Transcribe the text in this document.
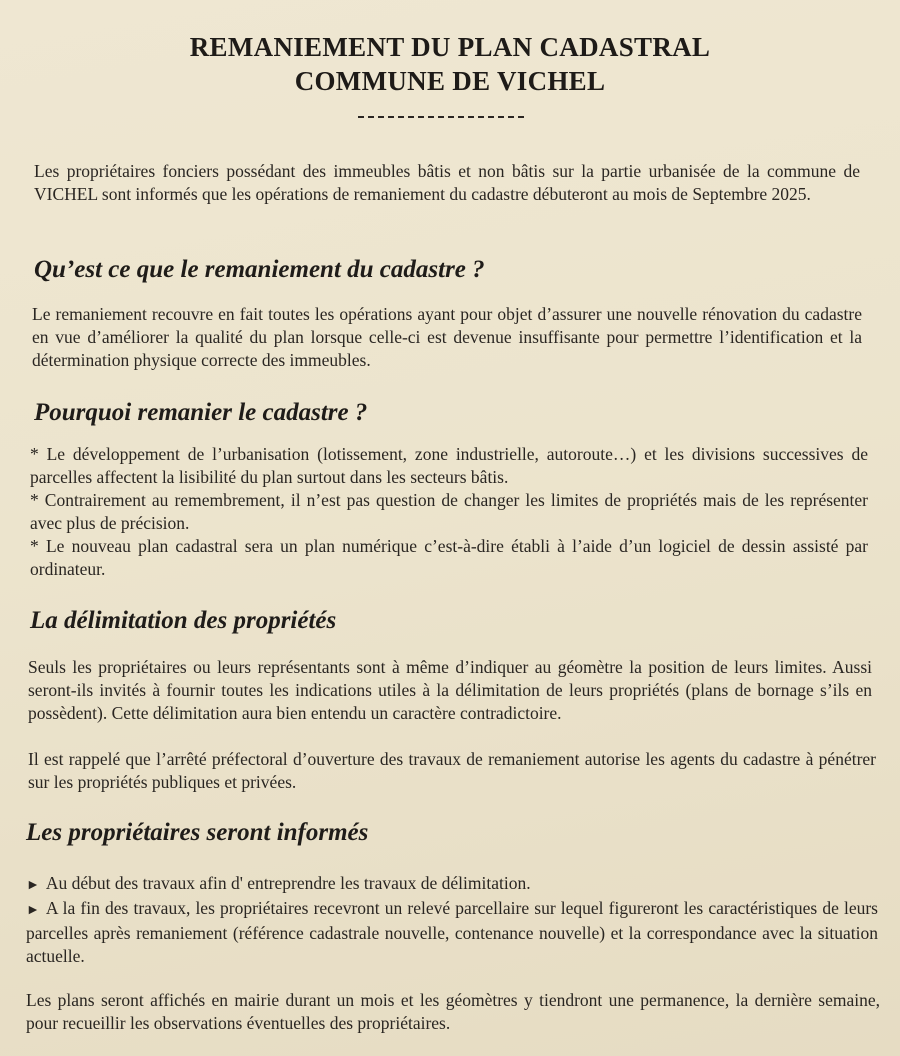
REMANIEMENT DU PLAN CADASTRAL

COMMUNE DE VICHEL

Les propriétaires fonciers possédant des immeubles bâtis et non bâtis sur la partie urbanisée de la commune de VICHEL sont informés que les opérations de remaniement du cadastre débuteront au mois de Septembre 2025.

Qu’est ce que le remaniement du cadastre ?

Le remaniement recouvre en fait toutes les opérations ayant pour objet d’assurer une nouvelle rénovation du cadastre en vue d’améliorer la qualité du plan lorsque celle-ci est devenue insuffisante pour permettre l’identification et la détermination physique correcte des immeubles.

Pourquoi remanier le cadastre ?
* Le développement de l’urbanisation (lotissement, zone industrielle, autoroute…) et les divisions successives de parcelles affectent la lisibilité du plan surtout dans les secteurs bâtis.
* Contrairement au remembrement, il n’est pas question de changer les limites de propriétés mais de les représenter avec plus de précision.
* Le nouveau plan cadastral sera un plan numérique c’est-à-dire établi à l’aide d’un logiciel de dessin assisté par ordinateur.
La délimitation des propriétés

Seuls les propriétaires ou leurs représentants sont à même d’indiquer au géomètre la position de leurs limites. Aussi seront-ils invités à fournir toutes les indications utiles à la délimitation de leurs propriétés (plans de bornage s’ils en possèdent). Cette délimitation aura bien entendu un caractère contradictoire.

Il est rappelé que l’arrêté préfectoral d’ouverture des travaux de remaniement autorise les agents du cadastre à pénétrer sur les propriétés publiques et privées.

Les propriétaires seront informés
► Au début des travaux afin d' entreprendre les travaux de délimitation.
► A la fin des travaux, les propriétaires recevront un relevé parcellaire sur lequel figureront les caractéristiques de leurs parcelles après remaniement (référence cadastrale nouvelle, contenance nouvelle) et la correspondance avec la situation actuelle.

Les plans seront affichés en mairie durant un mois et les géomètres y tiendront une permanence, la dernière semaine, pour recueillir les observations éventuelles des propriétaires.
